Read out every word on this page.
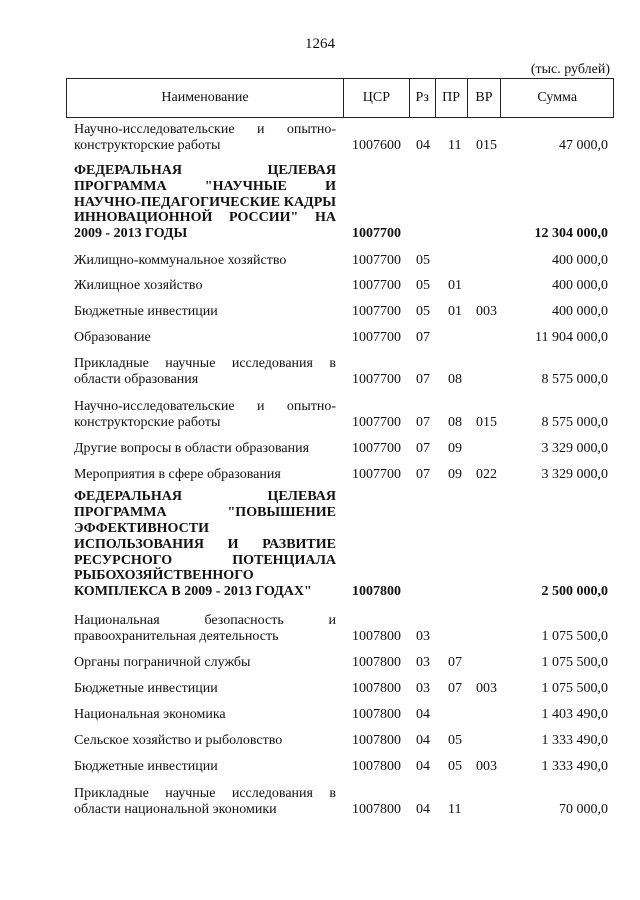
1264
(тыс. рублей)
Наименование	ЦСР	Рз ПР	ВР	Сумма
Научно-исследовательские и опытно-конструкторские работы	1007600 04 11 015	47 000,0
ФЕДЕРАЛЬНАЯ ЦЕЛЕВАЯ ПРОГРАММА "НАУЧНЫЕ И НАУЧНО-ПЕДАГОГИЧЕСКИЕ КАДРЫ ИННОВАЦИОННОЙ РОССИИ" НА 2009 - 2013 ГОДЫ	1007700	12 304 000,0
Жилищно-коммунальное хозяйство	1007700 05	400 000,0
Жилищное хозяйство	1007700 05 01	400 000,0
Бюджетные инвестиции	1007700 05 01 003	400 000,0
Образование	1007700 07	11 904 000,0
Прикладные научные исследования в области образования	1007700 07 08	8 575 000,0
Научно-исследовательские и опытно-конструкторские работы	1007700 07 08 015	8 575 000,0
Другие вопросы в области образования	1007700 07 09	3 329 000,0
Мероприятия в сфере образования	1007700 07 09 022	3 329 000,0
ФЕДЕРАЛЬНАЯ ЦЕЛЕВАЯ ПРОГРАММА "ПОВЫШЕНИЕ ЭФФЕКТИВНОСТИ ИСПОЛЬЗОВАНИЯ И РАЗВИТИЕ РЕСУРСНОГО ПОТЕНЦИАЛА РЫБОХОЗЯЙСТВЕННОГО КОМПЛЕКСА В 2009 - 2013 ГОДАХ"	1007800	2 500 000,0
Национальная безопасность и правоохранительная деятельность	1007800 03	1 075 500,0
Органы пограничной службы	1007800 03 07	1 075 500,0
Бюджетные инвестиции	1007800 03 07 003	1 075 500,0
Национальная экономика	1007800 04	1 403 490,0
Сельское хозяйство и рыболовство	1007800 04 05	1 333 490,0
Бюджетные инвестиции	1007800 04 05 003	1 333 490,0
Прикладные научные исследования в области национальной экономики	1007800 04 11	70 000,0
